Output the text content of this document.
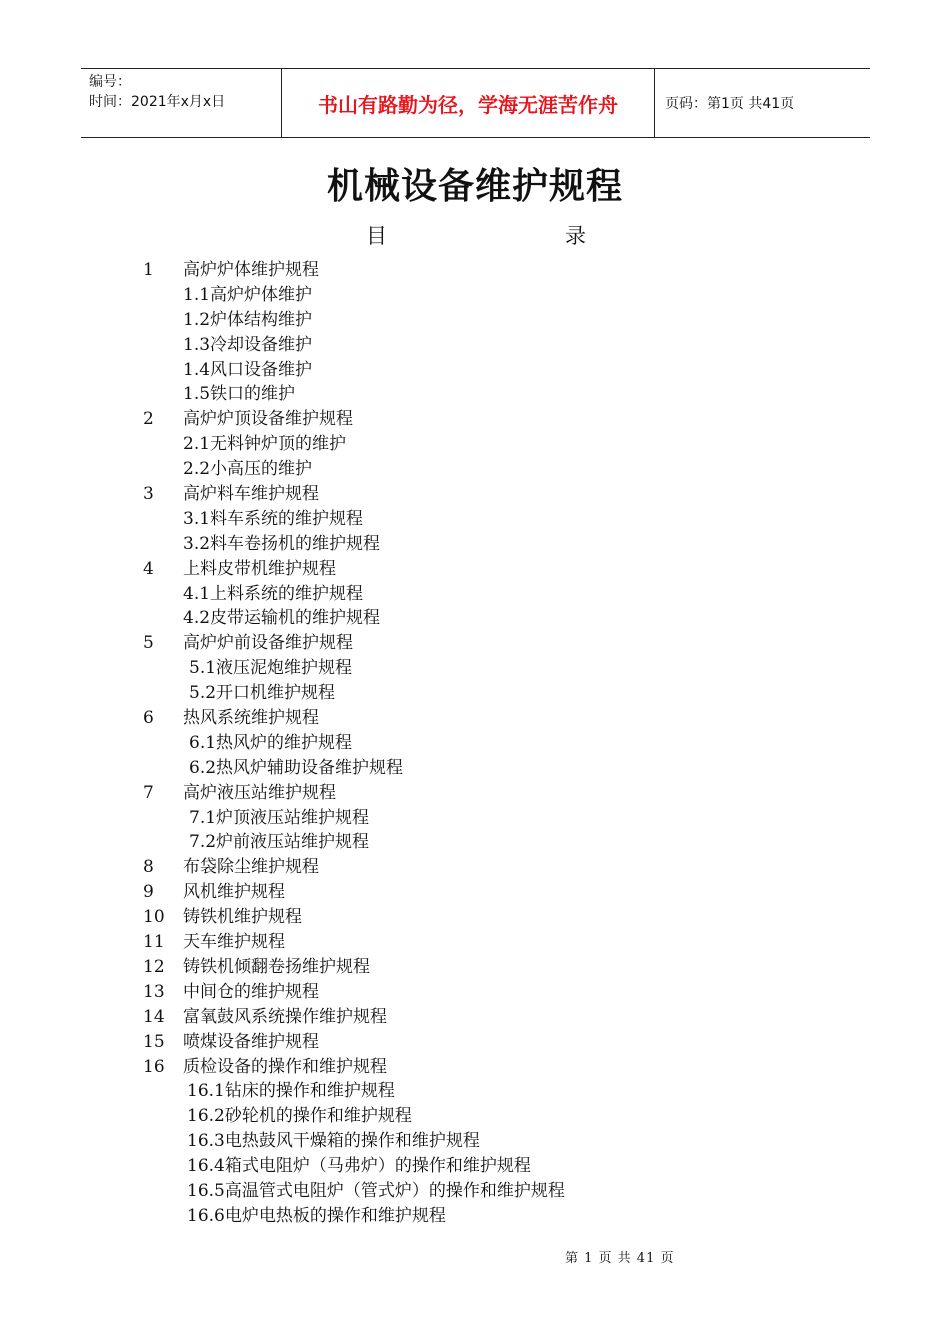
编号：
时间：2021年x月x日	书山有路勤为径，学海无涯苦作舟	页码：第1页 共41页
机械设备维护规程
目	录
1 高炉炉体维护规程
1.1高炉炉体维护
1.2炉体结构维护
1.3冷却设备维护
1.4风口设备维护
1.5铁口的维护
2 高炉炉顶设备维护规程
2.1无料钟炉顶的维护
2.2小高压的维护
3 高炉料车维护规程
3.1料车系统的维护规程
3.2料车卷扬机的维护规程
4 上料皮带机维护规程
4.1上料系统的维护规程
4.2皮带运输机的维护规程
5 高炉炉前设备维护规程
5.1液压泥炮维护规程
5.2开口机维护规程
6 热风系统维护规程
6.1热风炉的维护规程
6.2热风炉辅助设备维护规程
7 高炉液压站维护规程
7.1炉顶液压站维护规程
7.2炉前液压站维护规程
8 布袋除尘维护规程
9 风机维护规程
10 铸铁机维护规程
11 天车维护规程
12 铸铁机倾翻卷扬维护规程
13 中间仓的维护规程
14 富氧鼓风系统操作维护规程
15 喷煤设备维护规程
16 质检设备的操作和维护规程
16.1钻床的操作和维护规程
16.2砂轮机的操作和维护规程
16.3电热鼓风干燥箱的操作和维护规程
16.4箱式电阻炉（马弗炉）的操作和维护规程
16.5高温管式电阻炉（管式炉）的操作和维护规程
16.6电炉电热板的操作和维护规程
第 1 页 共 41 页
